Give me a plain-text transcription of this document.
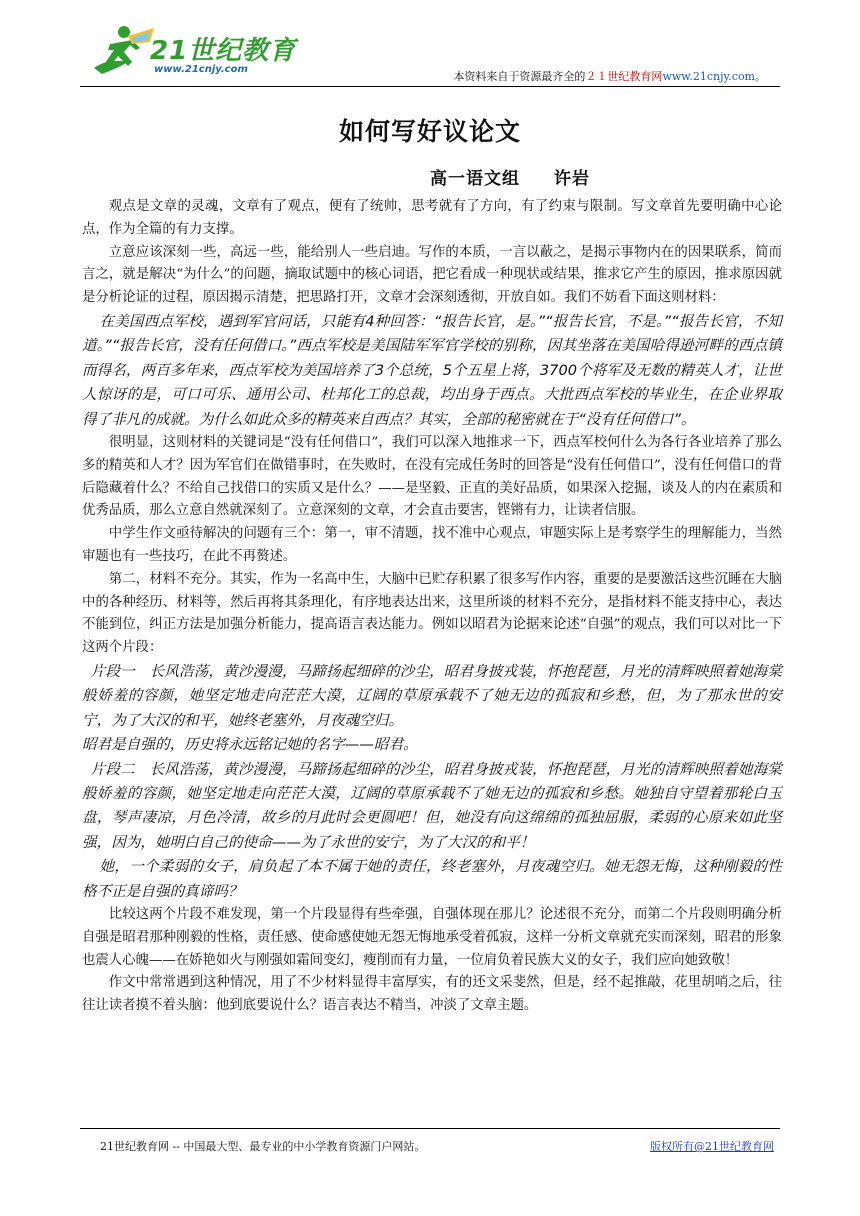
21世纪教育
www.21cnjy.com
本资料来自于资源最齐全的２１世纪教育网www.21cnjy.com。
如何写好议论文
高一语文组 许岩

观点是文章的灵魂，文章有了观点，便有了统帅，思考就有了方向，有了约束与限制。写文章首先要明确中心论点，作为全篇的有力支撑。

立意应该深刻一些，高远一些，能给别人一些启迪。写作的本质，一言以蔽之，是揭示事物内在的因果联系，简而言之，就是解决“为什么”的问题，摘取试题中的核心词语，把它看成一种现状或结果，推求它产生的原因，推求原因就是分析论证的过程，原因揭示清楚，把思路打开，文章才会深刻透彻，开放自如。我们不妨看下面这则材料：

在美国西点军校，遇到军官问话，只能有4种回答：“报告长官，是。”“报告长官，不是。”“报告长官，不知道。”“报告长官，没有任何借口。”西点军校是美国陆军军官学校的别称，因其坐落在美国哈得逊河畔的西点镇而得名，两百多年来，西点军校为美国培养了3个总统，5个五星上将，3700个将军及无数的精英人才，让世人惊讶的是，可口可乐、通用公司、杜邦化工的总裁，均出身于西点。大批西点军校的毕业生，在企业界取得了非凡的成就。为什么如此众多的精英来自西点？其实，全部的秘密就在于“没有任何借口”。

很明显，这则材料的关键词是“没有任何借口”，我们可以深入地推求一下，西点军校何什么为各行各业培养了那么多的精英和人才？因为军官们在做错事时，在失败时，在没有完成任务时的回答是“没有任何借口”，没有任何借口的背后隐藏着什么？不给自己找借口的实质又是什么？——是坚毅、正直的美好品质，如果深入挖掘，谈及人的内在素质和优秀品质，那么立意自然就深刻了。立意深刻的文章，才会直击要害，铿锵有力，让读者信服。

中学生作文亟待解决的问题有三个：第一，审不清题，找不准中心观点，审题实际上是考察学生的理解能力，当然审题也有一些技巧，在此不再赘述。

第二，材料不充分。其实，作为一名高中生，大脑中已贮存积累了很多写作内容，重要的是要激活这些沉睡在大脑中的各种经历、材料等，然后再将其条理化，有序地表达出来，这里所谈的材料不充分，是指材料不能支持中心，表达不能到位，纠正方法是加强分析能力，提高语言表达能力。例如以昭君为论据来论述“自强”的观点，我们可以对比一下这两个片段：

片段一　长风浩荡，黄沙漫漫，马蹄扬起细碎的沙尘，昭君身披戎装，怀抱琵琶，月光的清辉映照着她海棠般娇羞的容颜，她坚定地走向茫茫大漠，辽阔的草原承载不了她无边的孤寂和乡愁，但，为了那永世的安宁，为了大汉的和平，她终老塞外，月夜魂空归。

昭君是自强的，历史将永远铭记她的名字——昭君。

片段二　长风浩荡，黄沙漫漫，马蹄扬起细碎的沙尘，昭君身披戎装，怀抱琵琶，月光的清辉映照着她海棠般娇羞的容颜，她坚定地走向茫茫大漠，辽阔的草原承载不了她无边的孤寂和乡愁。她独自守望着那轮白玉盘，琴声凄凉，月色冷清，故乡的月此时会更圆吧！但，她没有向这绵绵的孤独屈服，柔弱的心原来如此坚强，因为，她明白自己的使命——为了永世的安宁，为了大汉的和平！

她，一个柔弱的女子，肩负起了本不属于她的责任，终老塞外，月夜魂空归。她无怨无悔，这种刚毅的性格不正是自强的真谛吗？

比较这两个片段不难发现，第一个片段显得有些牵强，自强体现在那儿？论述很不充分，而第二个片段则明确分析自强是昭君那种刚毅的性格，责任感、使命感使她无怨无悔地承受着孤寂，这样一分析文章就充实而深刻，昭君的形象也震人心魄——在娇艳如火与刚强如霜间变幻，瘦削而有力量，一位肩负着民族大义的女子，我们应向她致敬！

作文中常常遇到这种情况，用了不少材料显得丰富厚实，有的还文采斐然，但是，经不起推敲，花里胡哨之后，往往让读者摸不着头脑：他到底要说什么？语言表达不精当，冲淡了文章主题。

21世纪教育网 -- 中国最大型、最专业的中小学教育资源门户网站。	版权所有@21世纪教育网
